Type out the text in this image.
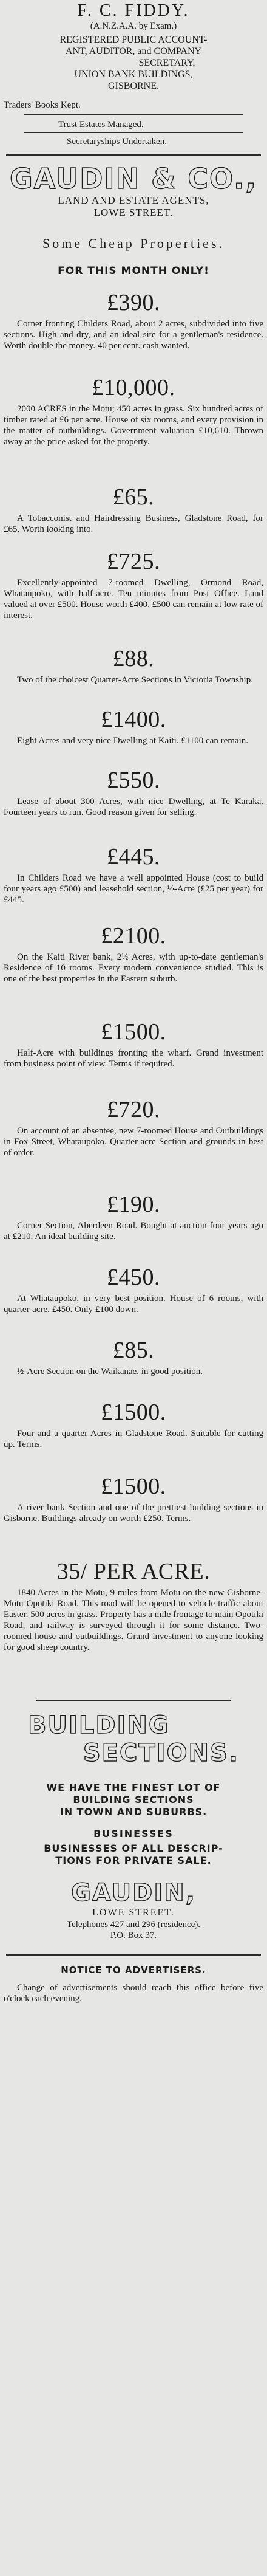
F. C. FIDDY.
(A.N.Z.A.A. by Exam.)
REGISTERED PUBLIC ACCOUNT-
ANT, AUDITOR, and COMPANY
SECRETARY,
UNION BANK BUILDINGS,
GISBORNE.
Traders' Books Kept.
Trust Estates Managed.
Secretaryships Undertaken.
GAUDIN & CO.,
LAND AND ESTATE AGENTS,
LOWE STREET.
Some Cheap Properties.
FOR THIS MONTH ONLY!
£390.
Corner fronting Childers Road, about 2 acres, subdivided into five sections. High and dry, and an ideal site for a gentleman's residence. Worth double the money. 40 per cent. cash wanted.
£10,000.
2000 ACRES in the Motu; 450 acres in grass. Six hundred acres of timber rated at £6 per acre. House of six rooms, and every provision in the matter of outbuildings. Government valuation £10,610. Thrown away at the price asked for the property.
£65.
A Tobacconist and Hairdressing Business, Gladstone Road, for £65. Worth looking into.
£725.
Excellently-appointed 7-roomed Dwelling, Ormond Road, Whataupoko, with half-acre. Ten minutes from Post Office. Land valued at over £500. House worth £400. £500 can remain at low rate of interest.
£88.
Two of the choicest Quarter-Acre Sections in Victoria Township.
£1400.
Eight Acres and very nice Dwelling at Kaiti. £1100 can remain.
£550.
Lease of about 300 Acres, with nice Dwelling, at Te Karaka. Fourteen years to run. Good reason given for selling.
£445.
In Childers Road we have a well appointed House (cost to build four years ago £500) and leasehold section, ½-Acre (£25 per year) for £445.
£2100.
On the Kaiti River bank, 2½ Acres, with up-to-date gentleman's Residence of 10 rooms. Every modern convenience studied. This is one of the best properties in the Eastern suburb.
£1500.
Half-Acre with buildings fronting the wharf. Grand investment from business point of view. Terms if required.
£720.
On account of an absentee, new 7-roomed House and Outbuildings in Fox Street, Whataupoko. Quarter-acre Section and grounds in best of order.
£190.
Corner Section, Aberdeen Road. Bought at auction four years ago at £210. An ideal building site.
£450.
At Whataupoko, in very best position. House of 6 rooms, with quarter-acre. £450. Only £100 down.
£85.
½-Acre Section on the Waikanae, in good position.
£1500.
Four and a quarter Acres in Gladstone Road. Suitable for cutting up. Terms.
£1500.
A river bank Section and one of the prettiest building sections in Gisborne. Buildings already on worth £250. Terms.
35/ PER ACRE.
1840 Acres in the Motu, 9 miles from Motu on the new Gisborne-Motu Opotiki Road. This road will be opened to vehicle traffic about Easter. 500 acres in grass. Property has a mile frontage to main Opotiki Road, and railway is surveyed through it for some distance. Two-roomed house and outbuildings. Grand investment to anyone looking for good sheep country.
BUILDING
SECTIONS.
WE HAVE THE FINEST LOT OF
BUILDING SECTIONS
IN TOWN AND SUBURBS.
BUSINESSES
BUSINESSES OF ALL DESCRIP-
TIONS FOR PRIVATE SALE.
GAUDIN,
LOWE STREET.
Telephones 427 and 296 (residence).
P.O. Box 37.
NOTICE TO ADVERTISERS.
Change of advertisements should reach this office before five o'clock each evening.
